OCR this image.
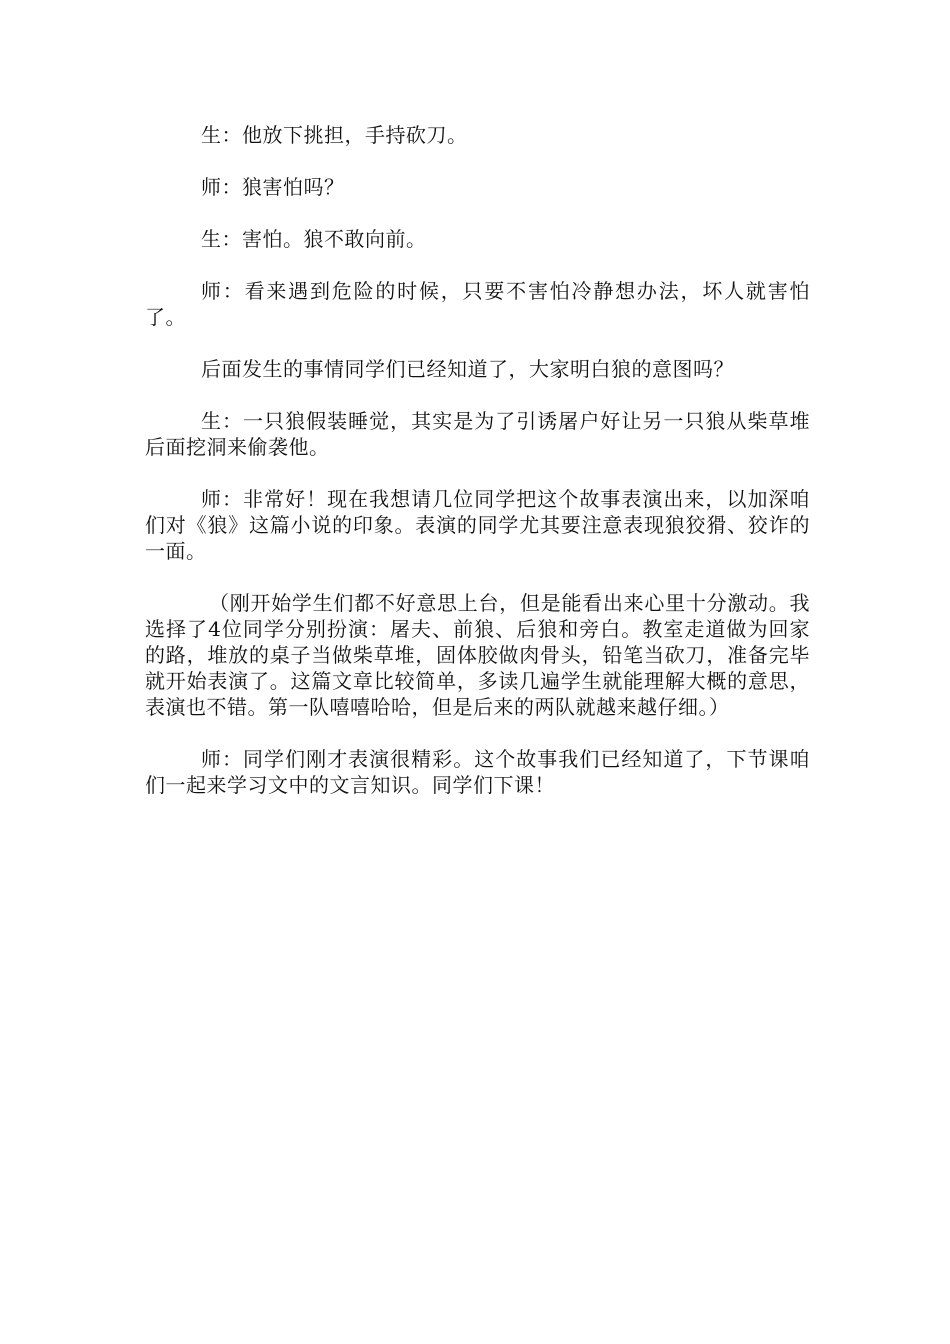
生：他放下挑担，手持砍刀。

师：狼害怕吗？

生：害怕。狼不敢向前。

师：看来遇到危险的时候，只要不害怕冷静想办法，坏人就害怕了。

后面发生的事情同学们已经知道了，大家明白狼的意图吗？

生：一只狼假装睡觉，其实是为了引诱屠户好让另一只狼从柴草堆后面挖洞来偷袭他。

师：非常好！现在我想请几位同学把这个故事表演出来，以加深咱们对《狼》这篇小说的印象。表演的同学尤其要注意表现狼狡猾、狡诈的一面。

（刚开始学生们都不好意思上台，但是能看出来心里十分激动。我选择了4位同学分别扮演：屠夫、前狼、后狼和旁白。教室走道做为回家的路，堆放的桌子当做柴草堆，固体胶做肉骨头，铅笔当砍刀，准备完毕就开始表演了。这篇文章比较简单，多读几遍学生就能理解大概的意思，表演也不错。第一队嘻嘻哈哈，但是后来的两队就越来越仔细。）

师：同学们刚才表演很精彩。这个故事我们已经知道了，下节课咱们一起来学习文中的文言知识。同学们下课！
